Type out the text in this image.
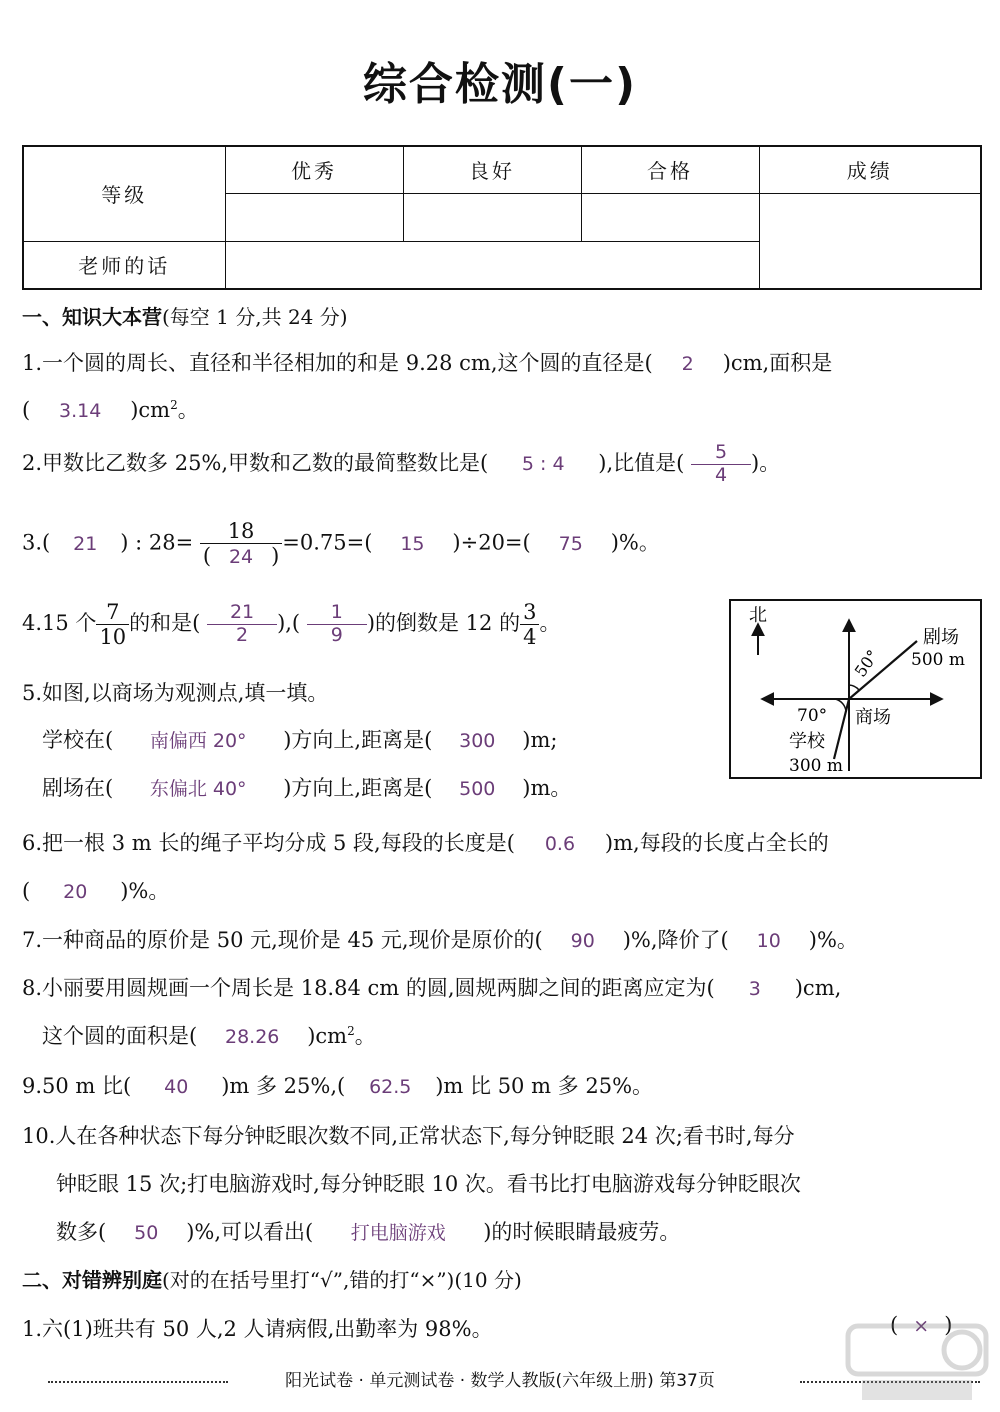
综合检测(一)
等级	优秀	良好	合格	成绩

老师的话				
一、知识大本营(每空 1 分,共 24 分)
1.一个圆的周长、直径和半径相加的和是 9.28 cm,这个圆的直径是( 2 )cm,面积是
( 3.14 )$cm^2$。
2.甲数比乙数多 25%,甲数和乙数的最简整数比是( 5 : 4 ),比值是( $\frac{5}{4}$ )。
3.( 21 ) : $28= \frac{18}{( 24 )} =0.75=$( 15 )÷20=( 75 )%。
4.15 个 $\frac{7}{10}$ 的和是( $\frac{21}{2}$ ),( $\frac{1}{9}$ )的倒数是 12 的 $\frac{3}{4}$ 。	北
剧场
500 m
50°
70° 商场
学校
300 m
5.如图,以商场为观测点,填一填。
学校在( 南偏西 20° )方向上,距离是( 300 )m;
剧场在( 东偏北 40° )方向上,距离是( 500 )m。
6.把一根 3 m 长的绳子平均分成 5 段,每段的长度是( 0.6 )m,每段的长度占全长的
( 20 )%。
7.一种商品的原价是 50 元,现价是 45 元,现价是原价的( 90 )%,降价了( 10 )%。
8.小丽要用圆规画一个周长是 18.84 cm 的圆,圆规两脚之间的距离应定为( 3 )cm,
这个圆的面积是( 28.26 )$cm^2$。
9.50 m 比( 40 )m 多 25%,( 62.5 )m 比 50 m 多 25%。
10.人在各种状态下每分钟眨眼次数不同,正常状态下,每分钟眨眼 24 次;看书时,每分
钟眨眼 15 次;打电脑游戏时,每分钟眨眼 10 次。看书比打电脑游戏每分钟眨眼次
数多( 50 )%,可以看出( 打电脑游戏 )的时候眼睛最疲劳。
二、对错辨别庭(对的在括号里打“√”,错的打“×”)(10 分)
1.六(1)班共有 50 人,2 人请病假,出勤率为 98%。	( × )
阳光试卷 · 单元测试卷 · 数学人教版(六年级上册) 第37页
